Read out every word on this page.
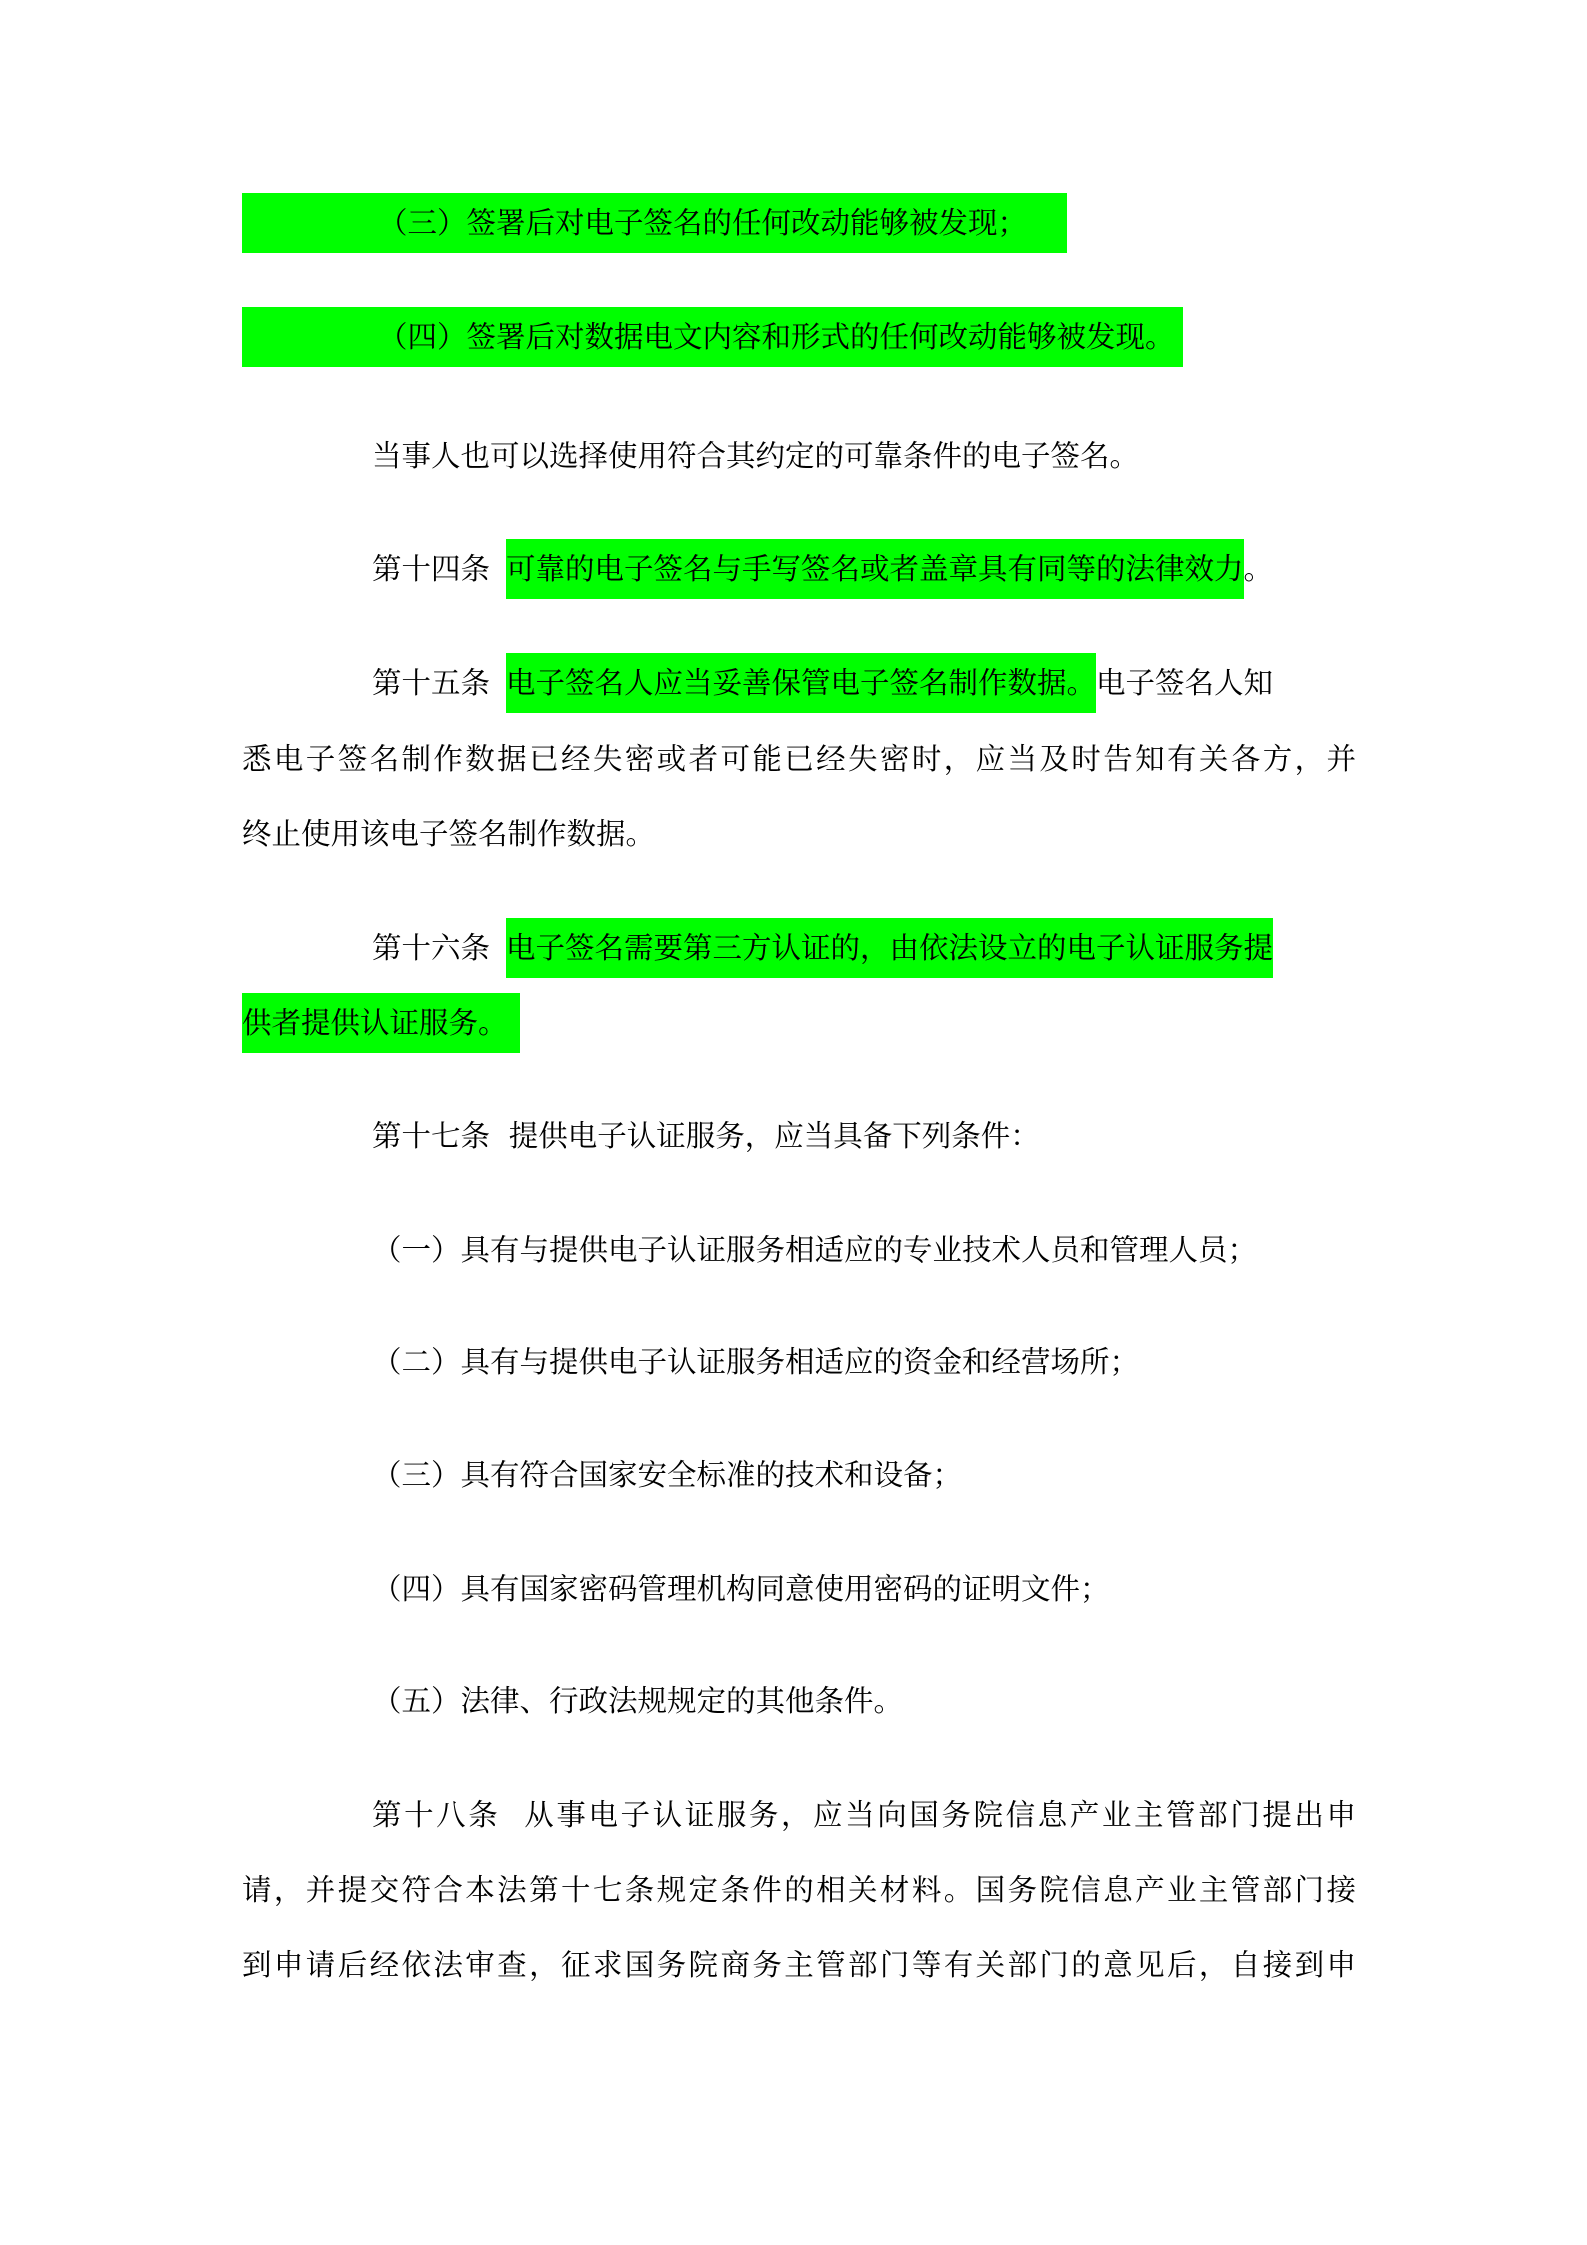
（三）签署后对电子签名的任何改动能够被发现；
（四）签署后对数据电文内容和形式的任何改动能够被发现。
当事人也可以选择使用符合其约定的可靠条件的电子签名。
第十四条 可靠的电子签名与手写签名或者盖章具有同等的法律效力。
第十五条 电子签名人应当妥善保管电子签名制作数据。电子签名人知
悉电子签名制作数据已经失密或者可能已经失密时，应当及时告知有关各方，并
终止使用该电子签名制作数据。
第十六条 电子签名需要第三方认证的，由依法设立的电子认证服务提
供者提供认证服务。
第十七条  提供电子认证服务，应当具备下列条件：
（一）具有与提供电子认证服务相适应的专业技术人员和管理人员；
（二）具有与提供电子认证服务相适应的资金和经营场所；
（三）具有符合国家安全标准的技术和设备；
（四）具有国家密码管理机构同意使用密码的证明文件；
（五）法律、行政法规规定的其他条件。
第十八条  从事电子认证服务，应当向国务院信息产业主管部门提出申
请，并提交符合本法第十七条规定条件的相关材料。国务院信息产业主管部门接
到申请后经依法审查，征求国务院商务主管部门等有关部门的意见后，自接到申
